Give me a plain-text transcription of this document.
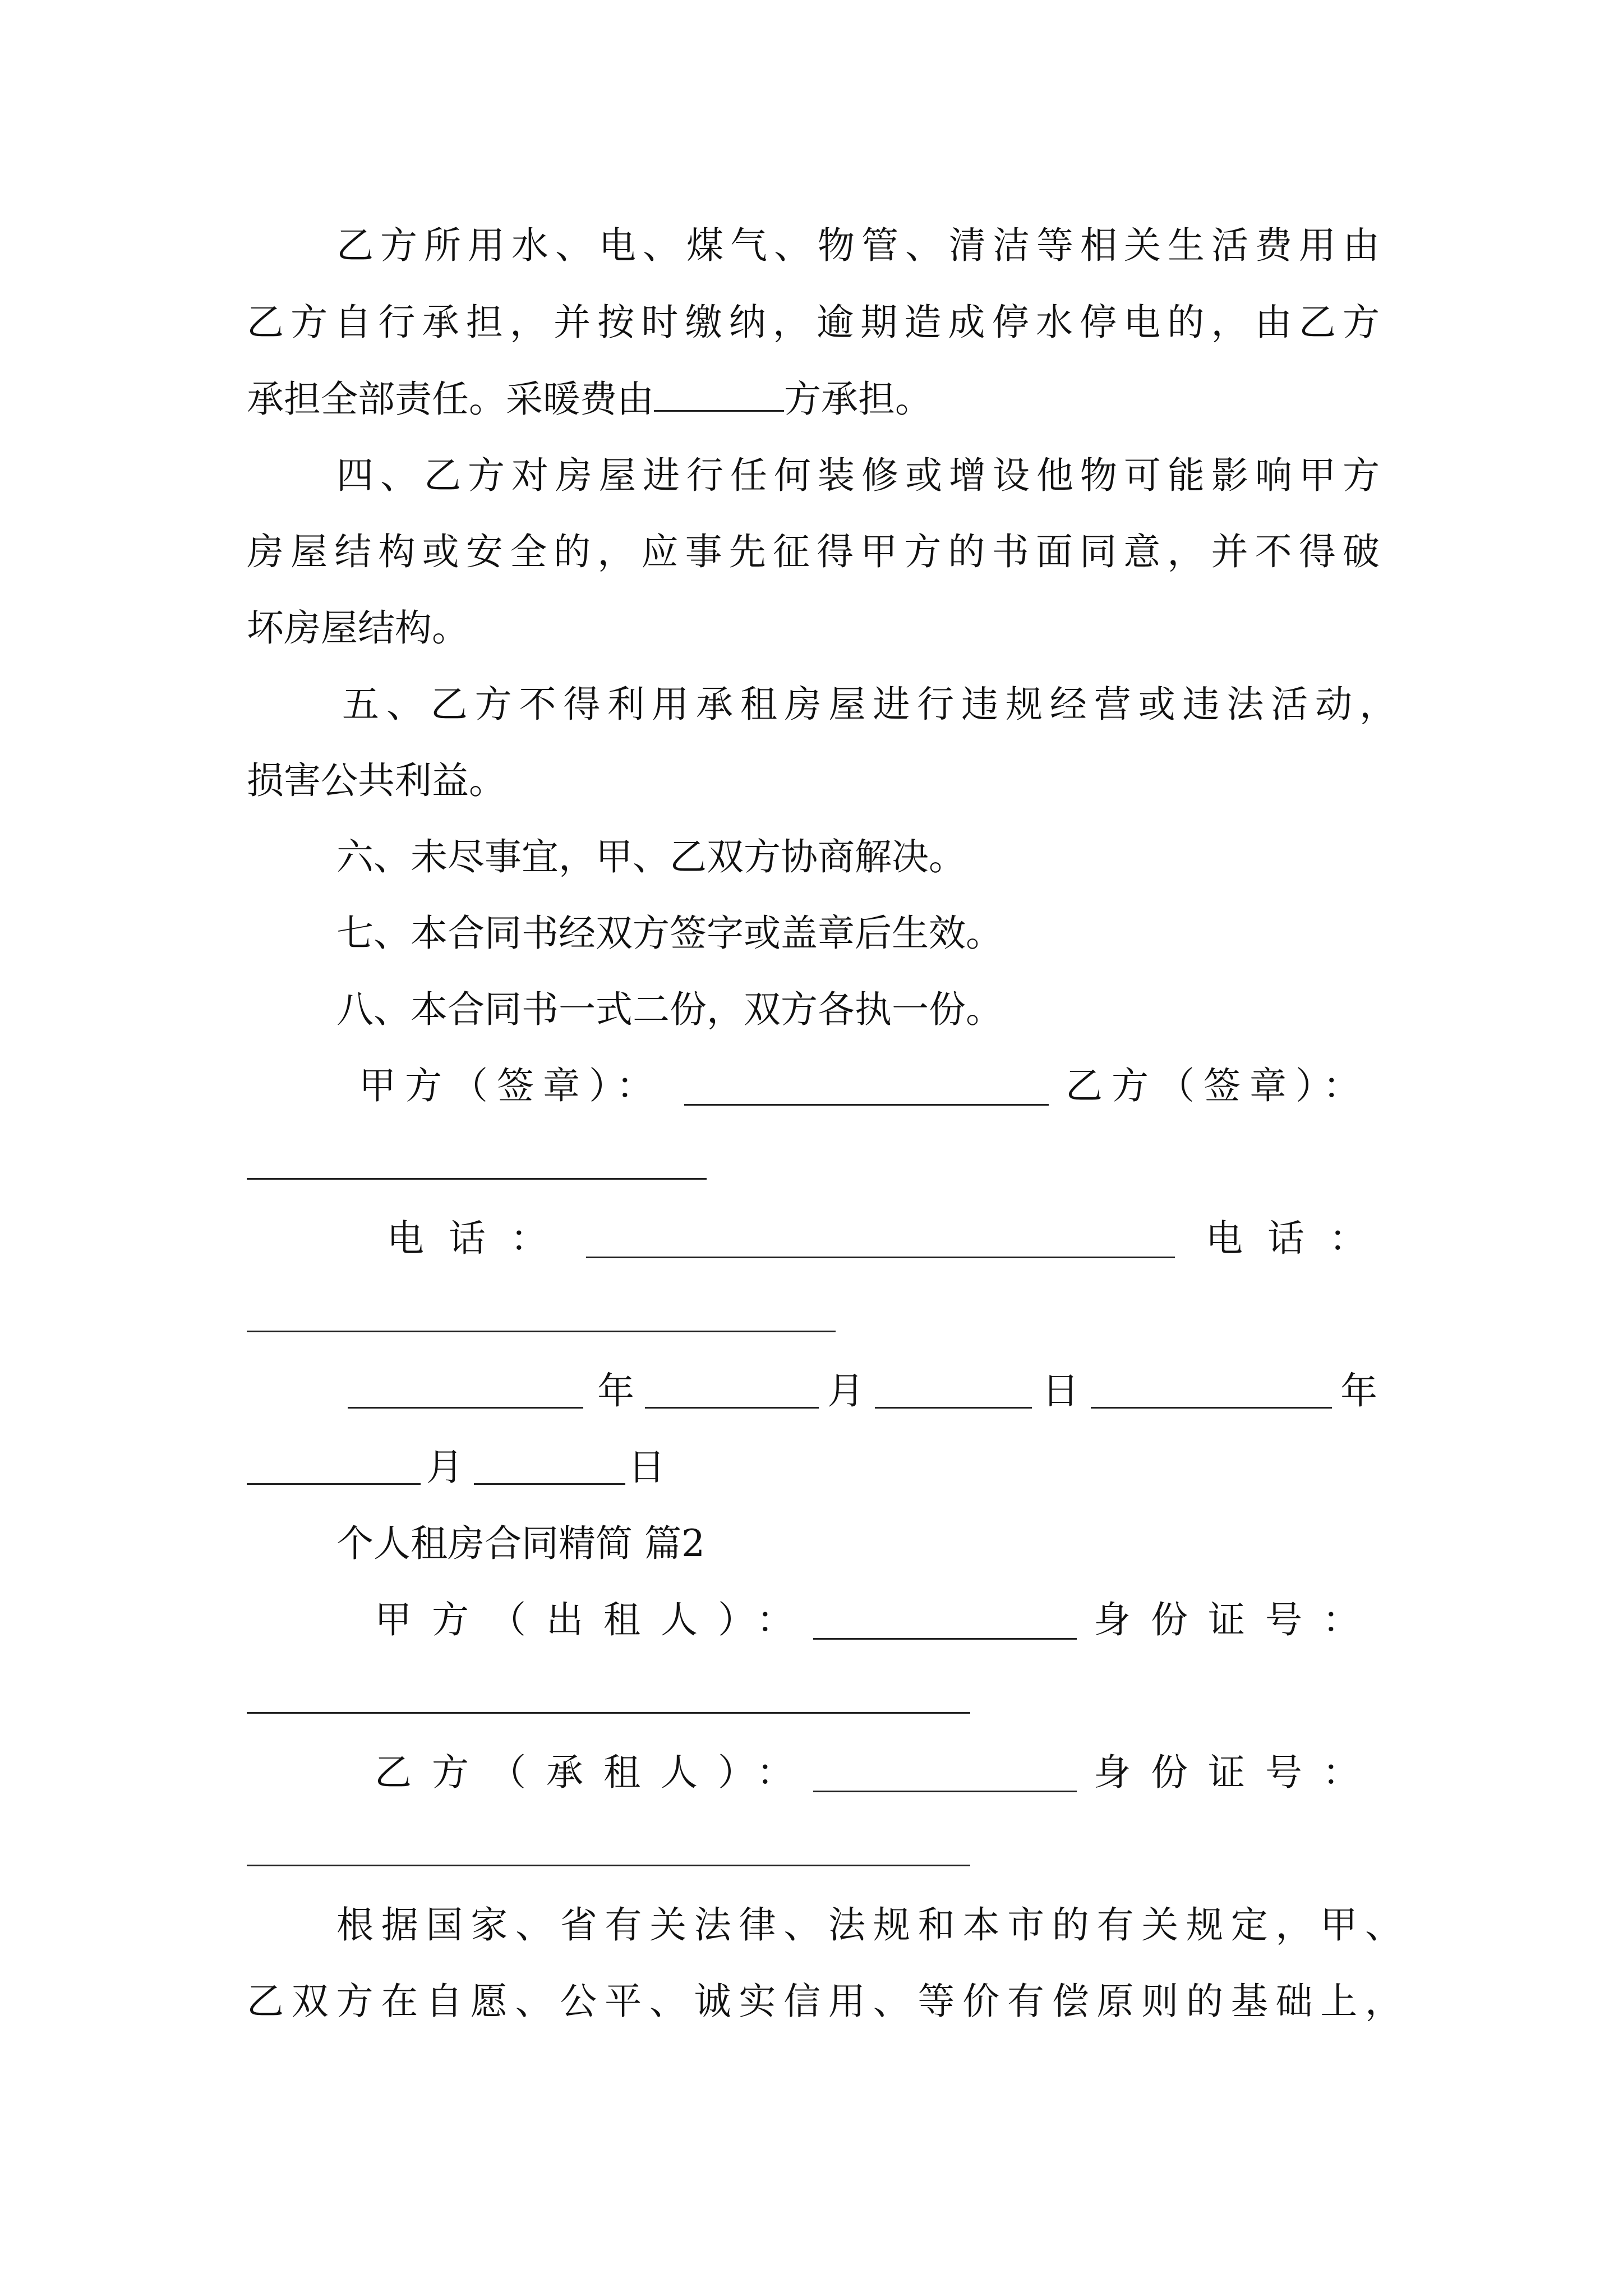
乙方所用水、电、煤气、物管、清洁等相关生活费用由
乙方自行承担，并按时缴纳，逾期造成停水停电的，由乙方
承担全部责任。采暖费由	方承担。
四、乙方对房屋进行任何装修或增设他物可能影响甲方
房屋结构或安全的，应事先征得甲方的书面同意，并不得破
坏房屋结构。
五、乙方不得利用承租房屋进行违规经营或违法活动，
损害公共利益。
六、未尽事宜，甲、乙双方协商解决。
七、本合同书经双方签字或盖章后生效。
八、本合同书一式二份，双方各执一份。
甲方（签章）：	乙方（签章）：
电话：	电话：
年	月	日	年
月	日
个人租房合同精简 篇2
甲方（出租人）：	身份证号：
乙方（承租人）：	身份证号：
根据国家、省有关法律、法规和本市的有关规定，甲、
乙双方在自愿、公平、诚实信用、等价有偿原则的基础上，
